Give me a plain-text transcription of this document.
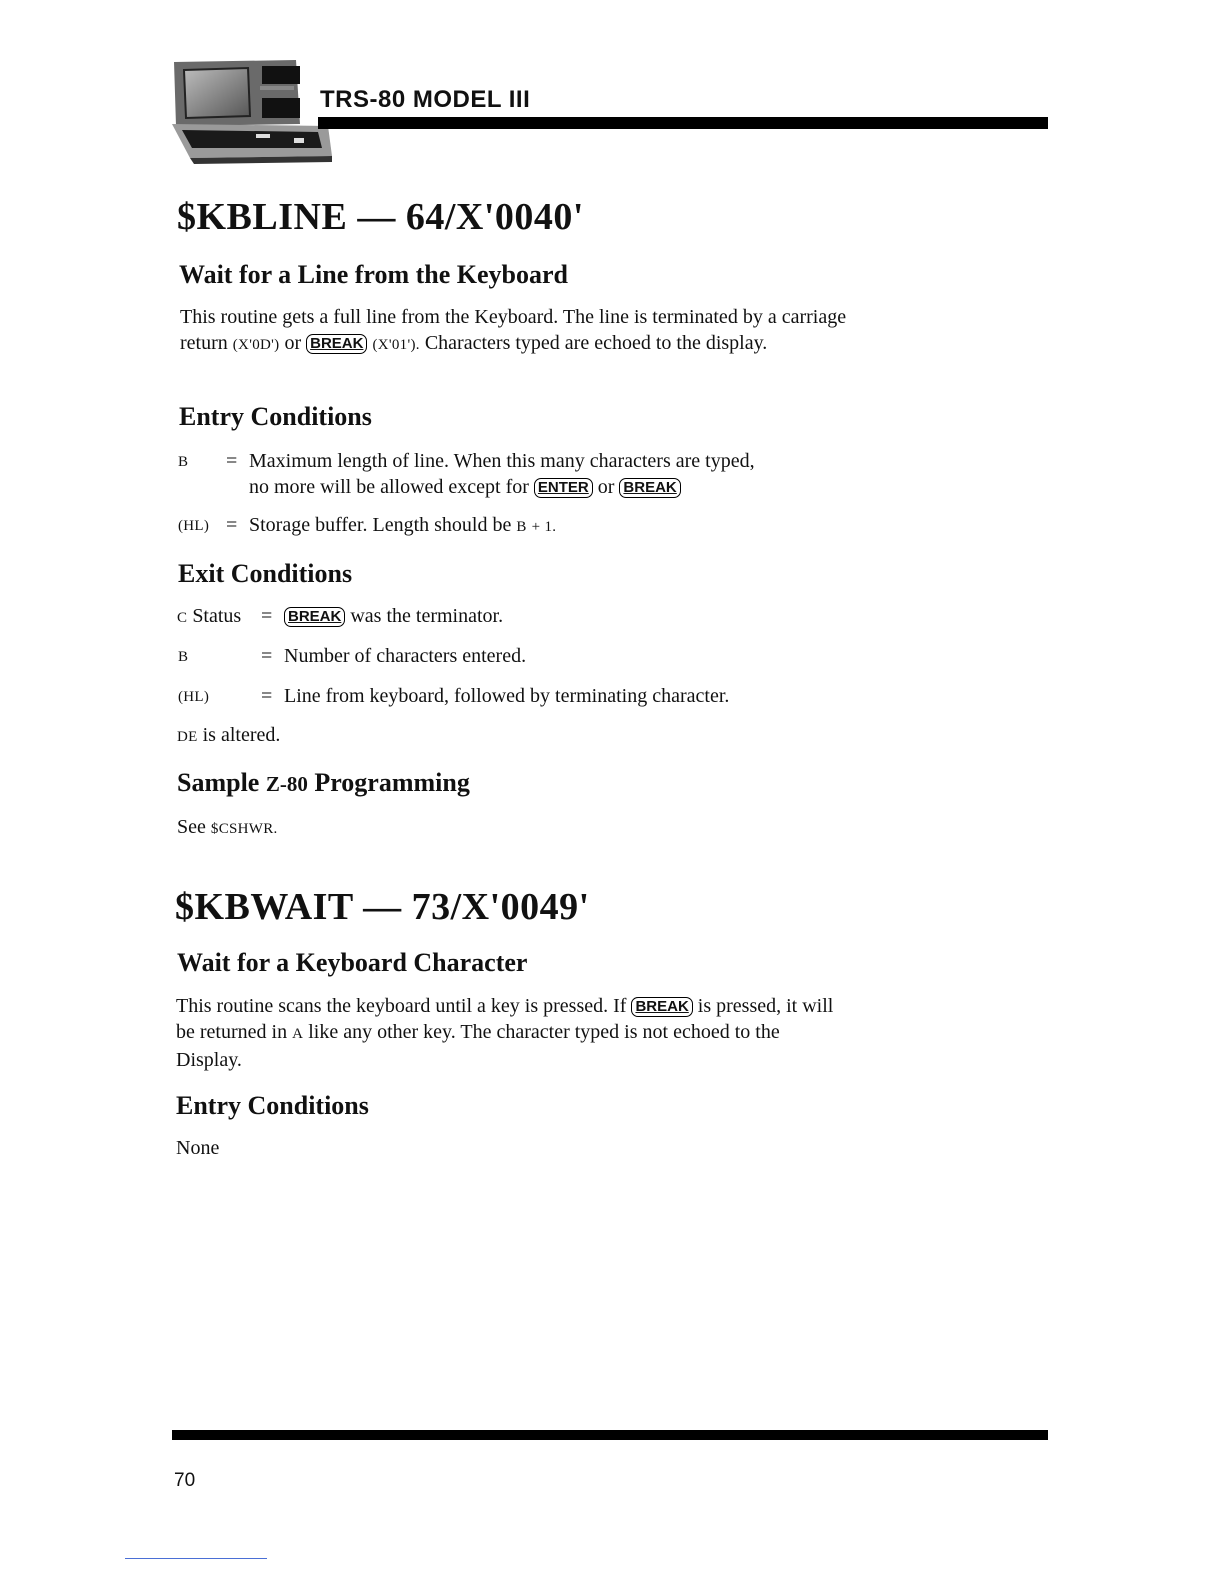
TRS-80 MODEL III
$KBLINE — 64/X'0040'
Wait for a Line from the Keyboard
This routine gets a full line from the Keyboard. The line is terminated by a carriage
return (X'0D') or BREAK (X'01'). Characters typed are echoed to the display.
Entry Conditions
B = Maximum length of line. When this many characters are typed,
no more will be allowed except for ENTER or BREAK
(HL) = Storage buffer. Length should be B + 1.
Exit Conditions
C Status = BREAK was the terminator.
B	= Number of characters entered.
(HL)	= Line from keyboard, followed by terminating character.
DE is altered.
Sample Z-80 Programming
See $CSHWR.
$KBWAIT — 73/X'0049'
Wait for a Keyboard Character
This routine scans the keyboard until a key is pressed. If BREAK is pressed, it will
be returned in A like any other key. The character typed is not echoed to the
Display.
Entry Conditions
None
70
